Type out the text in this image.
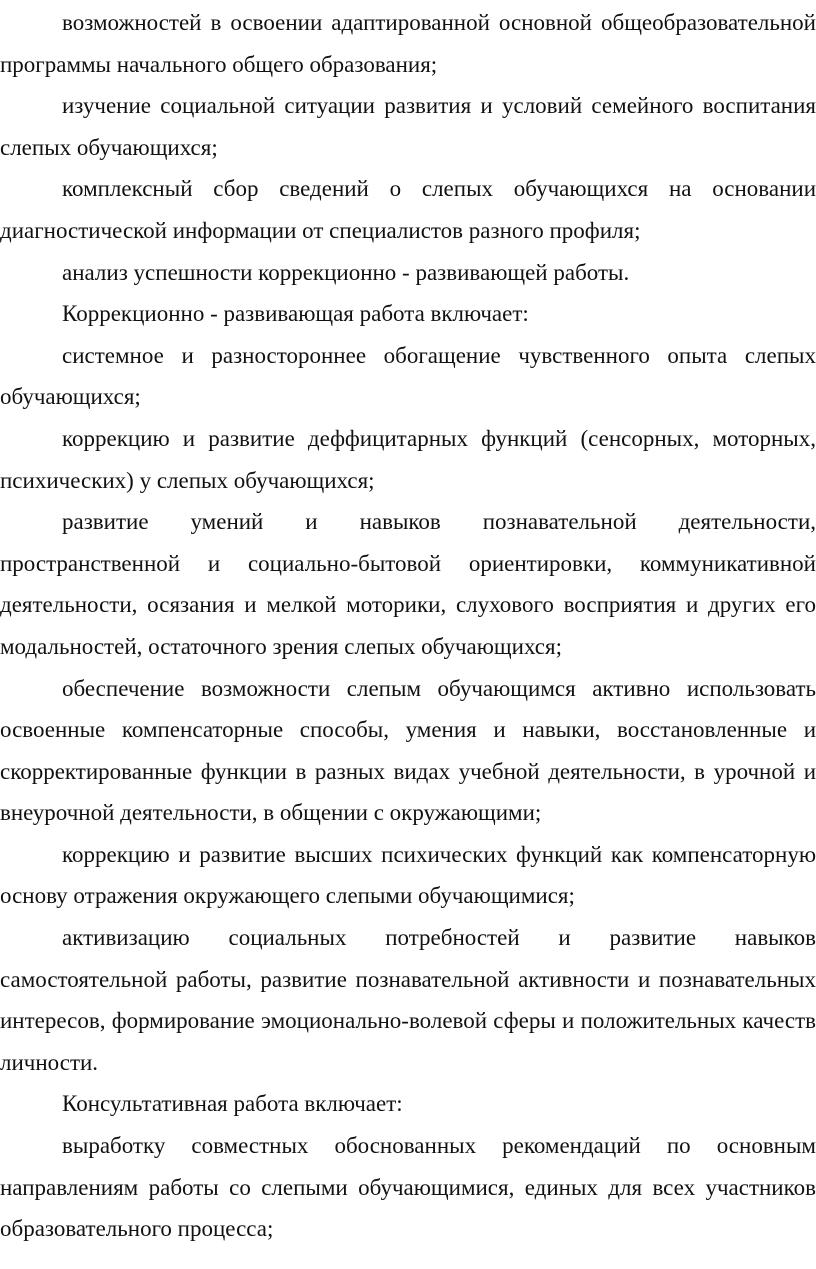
возможностей в освоении адаптированной основной общеобразовательной программы начального общего образования;

изучение социальной ситуации развития и условий семейного воспитания слепых обучающихся;

комплексный сбор сведений о слепых обучающихся на основании диагностической информации от специалистов разного профиля;

анализ успешности коррекционно - развивающей работы.

Коррекционно - развивающая работа включает:

системное и разностороннее обогащение чувственного опыта слепых обучающихся;

коррекцию и развитие деффицитарных функций (сенсорных, моторных, психических) у слепых обучающихся;

развитие умений и навыков познавательной деятельности, пространственной и социально-бытовой ориентировки, коммуникативной деятельности, осязания и мелкой моторики, слухового восприятия и других его модальностей, остаточного зрения слепых обучающихся;

обеспечение возможности слепым обучающимся активно использовать освоенные компенсаторные способы, умения и навыки, восстановленные и скорректированные функции в разных видах учебной деятельности, в урочной и внеурочной деятельности, в общении с окружающими;

коррекцию и развитие высших психических функций как компенсаторную основу отражения окружающего слепыми обучающимися;

активизацию социальных потребностей и развитие навыков самостоятельной работы, развитие познавательной активности и познавательных интересов, формирование эмоционально-волевой сферы и положительных качеств личности.

Консультативная работа включает:

выработку совместных обоснованных рекомендаций по основным направлениям работы со слепыми обучающимися, единых для всех участников образовательного процесса;
